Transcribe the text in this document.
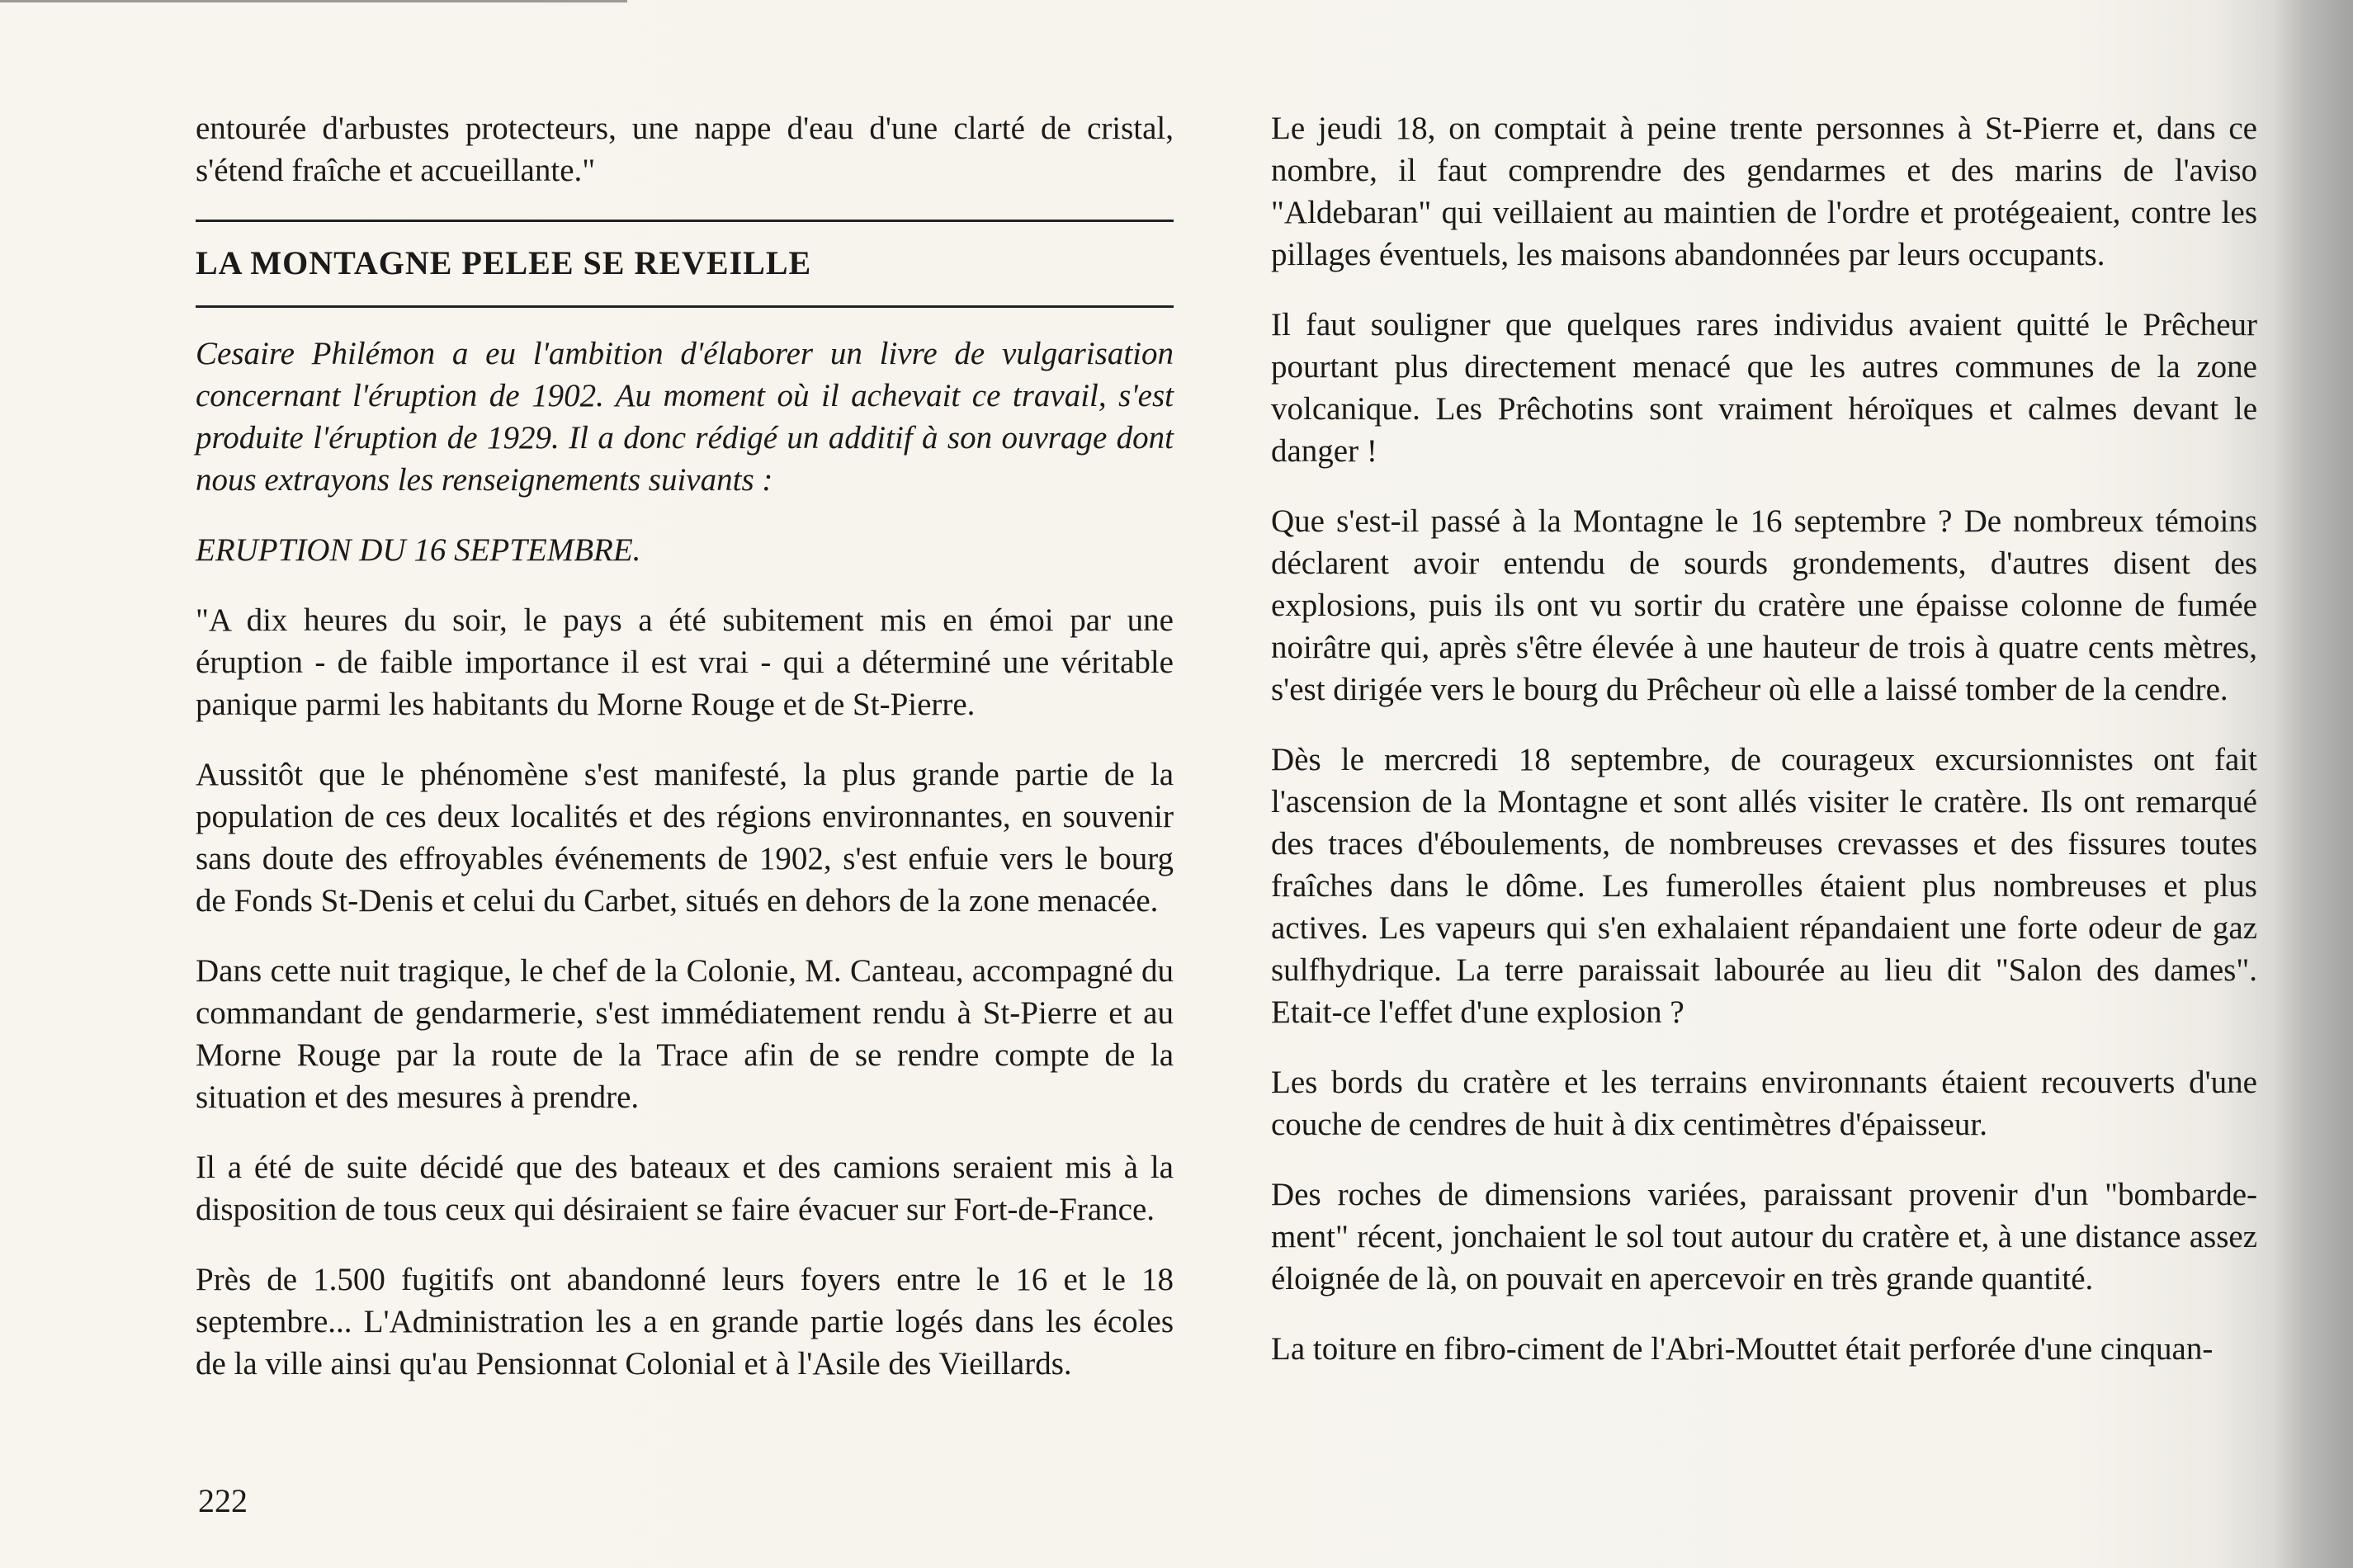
entourée d'arbustes protecteurs, une nappe d'eau d'une clarté de cristal, s'étend fraîche et accueillante."

LA MONTAGNE PELEE SE REVEILLE

Cesaire Philémon a eu l'ambition d'élaborer un livre de vulgarisation concernant l'éruption de 1902. Au moment où il achevait ce travail, s'est produite l'éruption de 1929. Il a donc rédigé un additif à son ouvrage dont nous extrayons les renseignements suivants :

ERUPTION DU 16 SEPTEMBRE.

"A dix heures du soir, le pays a été subitement mis en émoi par une éruption - de faible importance il est vrai - qui a déterminé une véritable panique parmi les habitants du Morne Rouge et de St-Pierre.

Aussitôt que le phénomène s'est manifesté, la plus grande partie de la population de ces deux localités et des régions environnantes, en souvenir sans doute des effroyables événements de 1902, s'est enfuie vers le bourg de Fonds St-Denis et celui du Carbet, situés en dehors de la zone menacée.

Dans cette nuit tragique, le chef de la Colonie, M. Canteau, accompagné du commandant de gendarmerie, s'est immédiatement rendu à St-Pierre et au Morne Rouge par la route de la Trace afin de se rendre compte de la situation et des mesures à prendre.

Il a été de suite décidé que des bateaux et des camions seraient mis à la disposition de tous ceux qui désiraient se faire évacuer sur Fort-de-France.

Près de 1.500 fugitifs ont abandonné leurs foyers entre le 16 et le 18 septembre... L'Administration les a en grande partie logés dans les écoles de la ville ainsi qu'au Pensionnat Colonial et à l'Asile des Vieillards.

Le jeudi 18, on comptait à peine trente personnes à St-Pierre et, dans ce nombre, il faut comprendre des gendarmes et des marins de l'aviso "Aldebaran" qui veillaient au maintien de l'ordre et protégeaient, contre les pillages éventuels, les maisons abandonnées par leurs occupants.

Il faut souligner que quelques rares individus avaient quitté le Prêcheur pourtant plus directement menacé que les autres communes de la zone volcanique. Les Prêchotins sont vraiment héroïques et calmes devant le danger !

Que s'est-il passé à la Montagne le 16 septembre ? De nombreux témoins déclarent avoir entendu de sourds grondements, d'autres disent des explosions, puis ils ont vu sortir du cratère une épaisse colonne de fumée noirâtre qui, après s'être élevée à une hauteur de trois à quatre cents mètres, s'est dirigée vers le bourg du Prêcheur où elle a laissé tomber de la cendre.

Dès le mercredi 18 septembre, de courageux excursionnistes ont fait l'ascension de la Montagne et sont allés visiter le cratère. Ils ont remarqué des traces d'éboulements, de nombreuses crevasses et des fissures toutes fraîches dans le dôme. Les fumerolles étaient plus nombreuses et plus actives. Les vapeurs qui s'en exhalaient répandaient une forte odeur de gaz sulfhydrique. La terre paraissait labourée au lieu dit "Salon des dames". Etait-ce l'effet d'une explosion ?

Les bords du cratère et les terrains environnants étaient recouverts d'une couche de cendres de huit à dix centimètres d'épaisseur.

Des roches de dimensions variées, paraissant provenir d'un "bombarde-ment" récent, jonchaient le sol tout autour du cratère et, à une distance assez éloignée de là, on pouvait en apercevoir en très grande quantité.

La toiture en fibro-ciment de l'Abri-Mouttet était perforée d'une cinquan-

222
